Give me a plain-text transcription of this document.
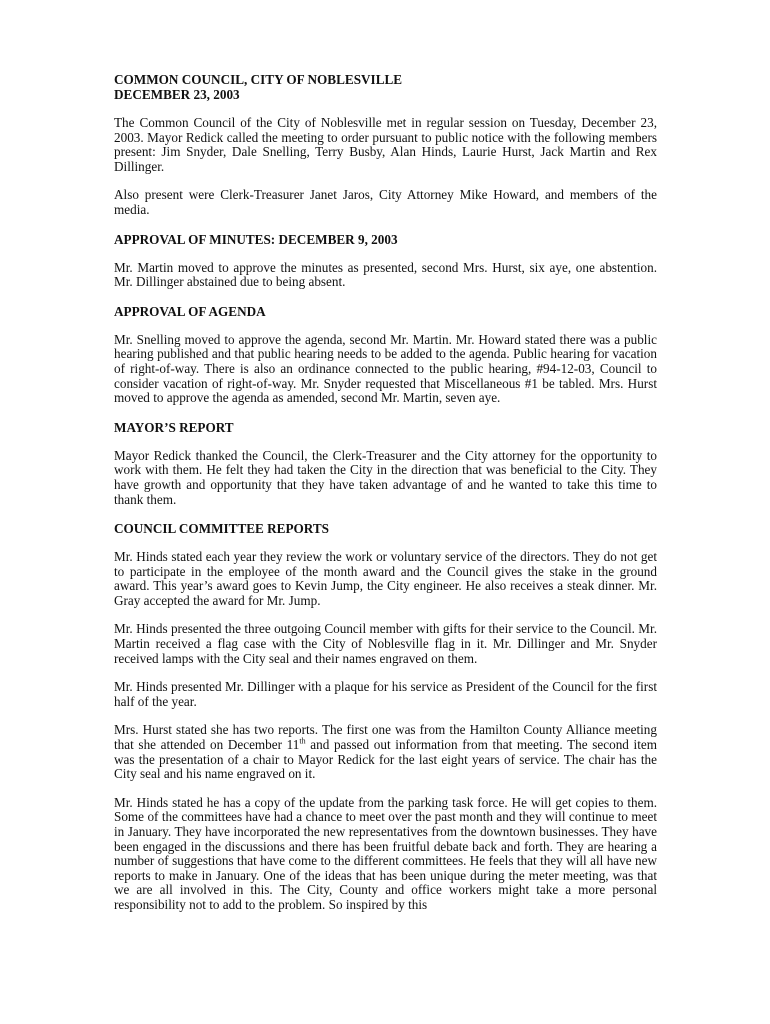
COMMON COUNCIL, CITY OF NOBLESVILLE
DECEMBER 23, 2003

The Common Council of the City of Noblesville met in regular session on Tuesday, December 23, 2003. Mayor Redick called the meeting to order pursuant to public notice with the following members present: Jim Snyder, Dale Snelling, Terry Busby, Alan Hinds, Laurie Hurst, Jack Martin and Rex Dillinger.

Also present were Clerk-Treasurer Janet Jaros, City Attorney Mike Howard, and members of the media.

APPROVAL OF MINUTES: DECEMBER 9, 2003

Mr. Martin moved to approve the minutes as presented, second Mrs. Hurst, six aye, one abstention. Mr. Dillinger abstained due to being absent.

APPROVAL OF AGENDA

Mr. Snelling moved to approve the agenda, second Mr. Martin. Mr. Howard stated there was a public hearing published and that public hearing needs to be added to the agenda. Public hearing for vacation of right-of-way. There is also an ordinance connected to the public hearing, #94-12-03, Council to consider vacation of right-of-way. Mr. Snyder requested that Miscellaneous #1 be tabled. Mrs. Hurst moved to approve the agenda as amended, second Mr. Martin, seven aye.

MAYOR’S REPORT

Mayor Redick thanked the Council, the Clerk-Treasurer and the City attorney for the opportunity to work with them. He felt they had taken the City in the direction that was beneficial to the City. They have growth and opportunity that they have taken advantage of and he wanted to take this time to thank them.

COUNCIL COMMITTEE REPORTS

Mr. Hinds stated each year they review the work or voluntary service of the directors. They do not get to participate in the employee of the month award and the Council gives the stake in the ground award. This year’s award goes to Kevin Jump, the City engineer. He also receives a steak dinner. Mr. Gray accepted the award for Mr. Jump.

Mr. Hinds presented the three outgoing Council member with gifts for their service to the Council. Mr. Martin received a flag case with the City of Noblesville flag in it. Mr. Dillinger and Mr. Snyder received lamps with the City seal and their names engraved on them.

Mr. Hinds presented Mr. Dillinger with a plaque for his service as President of the Council for the first half of the year.

Mrs. Hurst stated she has two reports. The first one was from the Hamilton County Alliance meeting that she attended on December 11th and passed out information from that meeting. The second item was the presentation of a chair to Mayor Redick for the last eight years of service. The chair has the City seal and his name engraved on it.

Mr. Hinds stated he has a copy of the update from the parking task force. He will get copies to them. Some of the committees have had a chance to meet over the past month and they will continue to meet in January. They have incorporated the new representatives from the downtown businesses. They have been engaged in the discussions and there has been fruitful debate back and forth. They are hearing a number of suggestions that have come to the different committees. He feels that they will all have new reports to make in January. One of the ideas that has been unique during the meter meeting, was that we are all involved in this. The City, County and office workers might take a more personal responsibility not to add to the problem. So inspired by this
